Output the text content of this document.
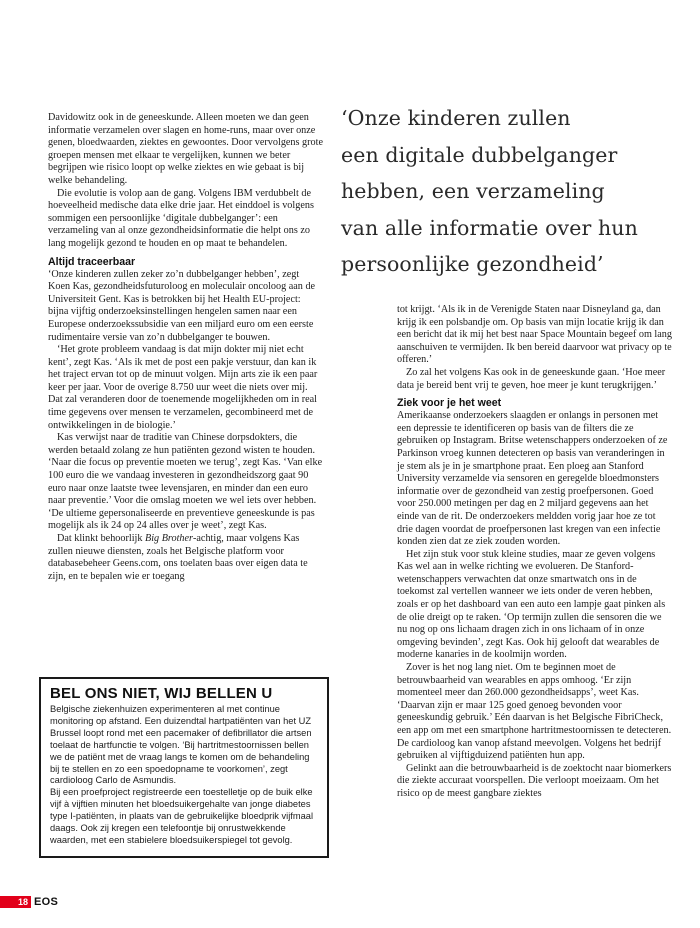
‘Onze kinderen zullen
een digitale dubbelganger
hebben, een verzameling
van alle informatie over hun
persoonlijke gezondheid’

Davidowitz ook in de geneeskunde. Alleen moeten we dan geen informatie verzamelen over slagen en home-runs, maar over onze genen, bloedwaarden, ziektes en gewoontes. Door vervolgens grote groepen mensen met elkaar te vergelijken, kunnen we beter begrijpen wie risico loopt op welke ziektes en wie gebaat is bij welke behandeling.

Die evolutie is volop aan de gang. Volgens IBM verdubbelt de hoeveelheid medische data elke drie jaar. Het einddoel is volgens sommigen een persoonlijke ‘digitale dubbelganger’: een verzameling van al onze gezondheidsinformatie die helpt ons zo lang mogelijk gezond te houden en op maat te behandelen.

Altijd traceerbaar

‘Onze kinderen zullen zeker zo’n dubbelganger hebben’, zegt Koen Kas, gezondheidsfuturoloog en moleculair oncoloog aan de Universiteit Gent. Kas is betrokken bij het Health EU-project: bijna vijftig onderzoeksinstellingen hengelen samen naar een Europese onderzoekssubsidie van een miljard euro om een eerste rudimentaire versie van zo’n dubbelganger te bouwen.

‘Het grote probleem vandaag is dat mijn dokter mij niet echt kent’, zegt Kas. ‘Als ik met de post een pakje verstuur, dan kan ik het traject ervan tot op de minuut volgen. Mijn arts zie ik een paar keer per jaar. Voor de overige 8.750 uur weet die niets over mij. Dat zal veranderen door de toenemende mogelijkheden om in real time gegevens over mensen te verzamelen, gecombineerd met de ontwikkelingen in de biologie.’

Kas verwijst naar de traditie van Chinese dorpsdokters, die werden betaald zolang ze hun patiënten gezond wisten te houden. ‘Naar die focus op preventie moeten we terug’, zegt Kas. ‘Van elke 100 euro die we vandaag investeren in gezondheidszorg gaat 90 euro naar onze laatste twee levensjaren, en minder dan een euro naar preventie.’ Voor die omslag moeten we wel iets over hebben. ‘De ultieme gepersonaliseerde en preventieve geneeskunde is pas mogelijk als ik 24 op 24 alles over je weet’, zegt Kas.

Dat klinkt behoorlijk Big Brother-achtig, maar volgens Kas zullen nieuwe diensten, zoals het Belgische platform voor databasebeheer Geens.com, ons toelaten baas over eigen data te zijn, en te bepalen wie er toegang

tot krijgt. ‘Als ik in de Verenigde Staten naar Disneyland ga, dan krijg ik een polsbandje om. Op basis van mijn locatie krijg ik dan een bericht dat ik mij het best naar Space Mountain begeef om lang aanschuiven te vermijden. Ik ben bereid daarvoor wat privacy op te offeren.’

Zo zal het volgens Kas ook in de geneeskunde gaan. ‘Hoe meer data je bereid bent vrij te geven, hoe meer je kunt terugkrijgen.’

Ziek voor je het weet

Amerikaanse onderzoekers slaagden er onlangs in personen met een depressie te identificeren op basis van de filters die ze gebruiken op Instagram. Britse wetenschappers onderzoeken of ze Parkinson vroeg kunnen detecteren op basis van veranderingen in je stem als je in je smartphone praat. Een ploeg aan Stanford University verzamelde via sensoren en geregelde bloedmonsters informatie over de gezondheid van zestig proefpersonen. Goed voor 250.000 metingen per dag en 2 miljard gegevens aan het einde van de rit. De onderzoekers meldden vorig jaar hoe ze tot drie dagen voordat de proefpersonen last kregen van een infectie konden zien dat ze ziek zouden worden.

Het zijn stuk voor stuk kleine studies, maar ze geven volgens Kas wel aan in welke richting we evolueren. De Stanford-wetenschappers verwachten dat onze smartwatch ons in de toekomst zal vertellen wanneer we iets onder de veren hebben, zoals er op het dashboard van een auto een lampje gaat pinken als de olie dreigt op te raken. ‘Op termijn zullen die sensoren die we nu nog op ons lichaam dragen zich in ons lichaam of in onze omgeving bevinden’, zegt Kas. Ook hij gelooft dat wearables de moderne kanaries in de koolmijn worden.

Zover is het nog lang niet. Om te beginnen moet de betrouwbaarheid van wearables en apps omhoog. ‘Er zijn momenteel meer dan 260.000 gezondheidsapps’, weet Kas. ‘Daarvan zijn er maar 125 goed genoeg bevonden voor geneeskundig gebruik.’ Eén daarvan is het Belgische FibriCheck, een app om met een smartphone hartritmestoornissen te detecteren. De cardioloog kan vanop afstand meevolgen. Volgens het bedrijf gebruiken al vijftigduizend patiënten hun app.

Gelinkt aan die betrouwbaarheid is de zoektocht naar biomerkers die ziekte accuraat voorspellen. Die verloopt moeizaam. Om het risico op de meest gangbare ziektes

BEL ONS NIET, WIJ BELLEN U

Belgische ziekenhuizen experimenteren al met continue monitoring op afstand. Een duizendtal hartpatiënten van het UZ Brussel loopt rond met een pacemaker of defibrillator die artsen toelaat de hartfunctie te volgen. ‘Bij hartritmestoornissen bellen we de patiënt met de vraag langs te komen om de behandeling bij te stellen en zo een spoedopname te voorkomen’, zegt cardioloog Carlo de Asmundis.

Bij een proefproject registreerde een toestelletje op de buik elke vijf à vijftien minuten het bloedsuikergehalte van jonge diabetes type I-patiënten, in plaats van de gebruikelijke bloedprik vijfmaal daags. Ook zij kregen een telefoontje bij onrustwekkende waarden, met een stabielere bloedsuikerspiegel tot gevolg.

18 EOS
